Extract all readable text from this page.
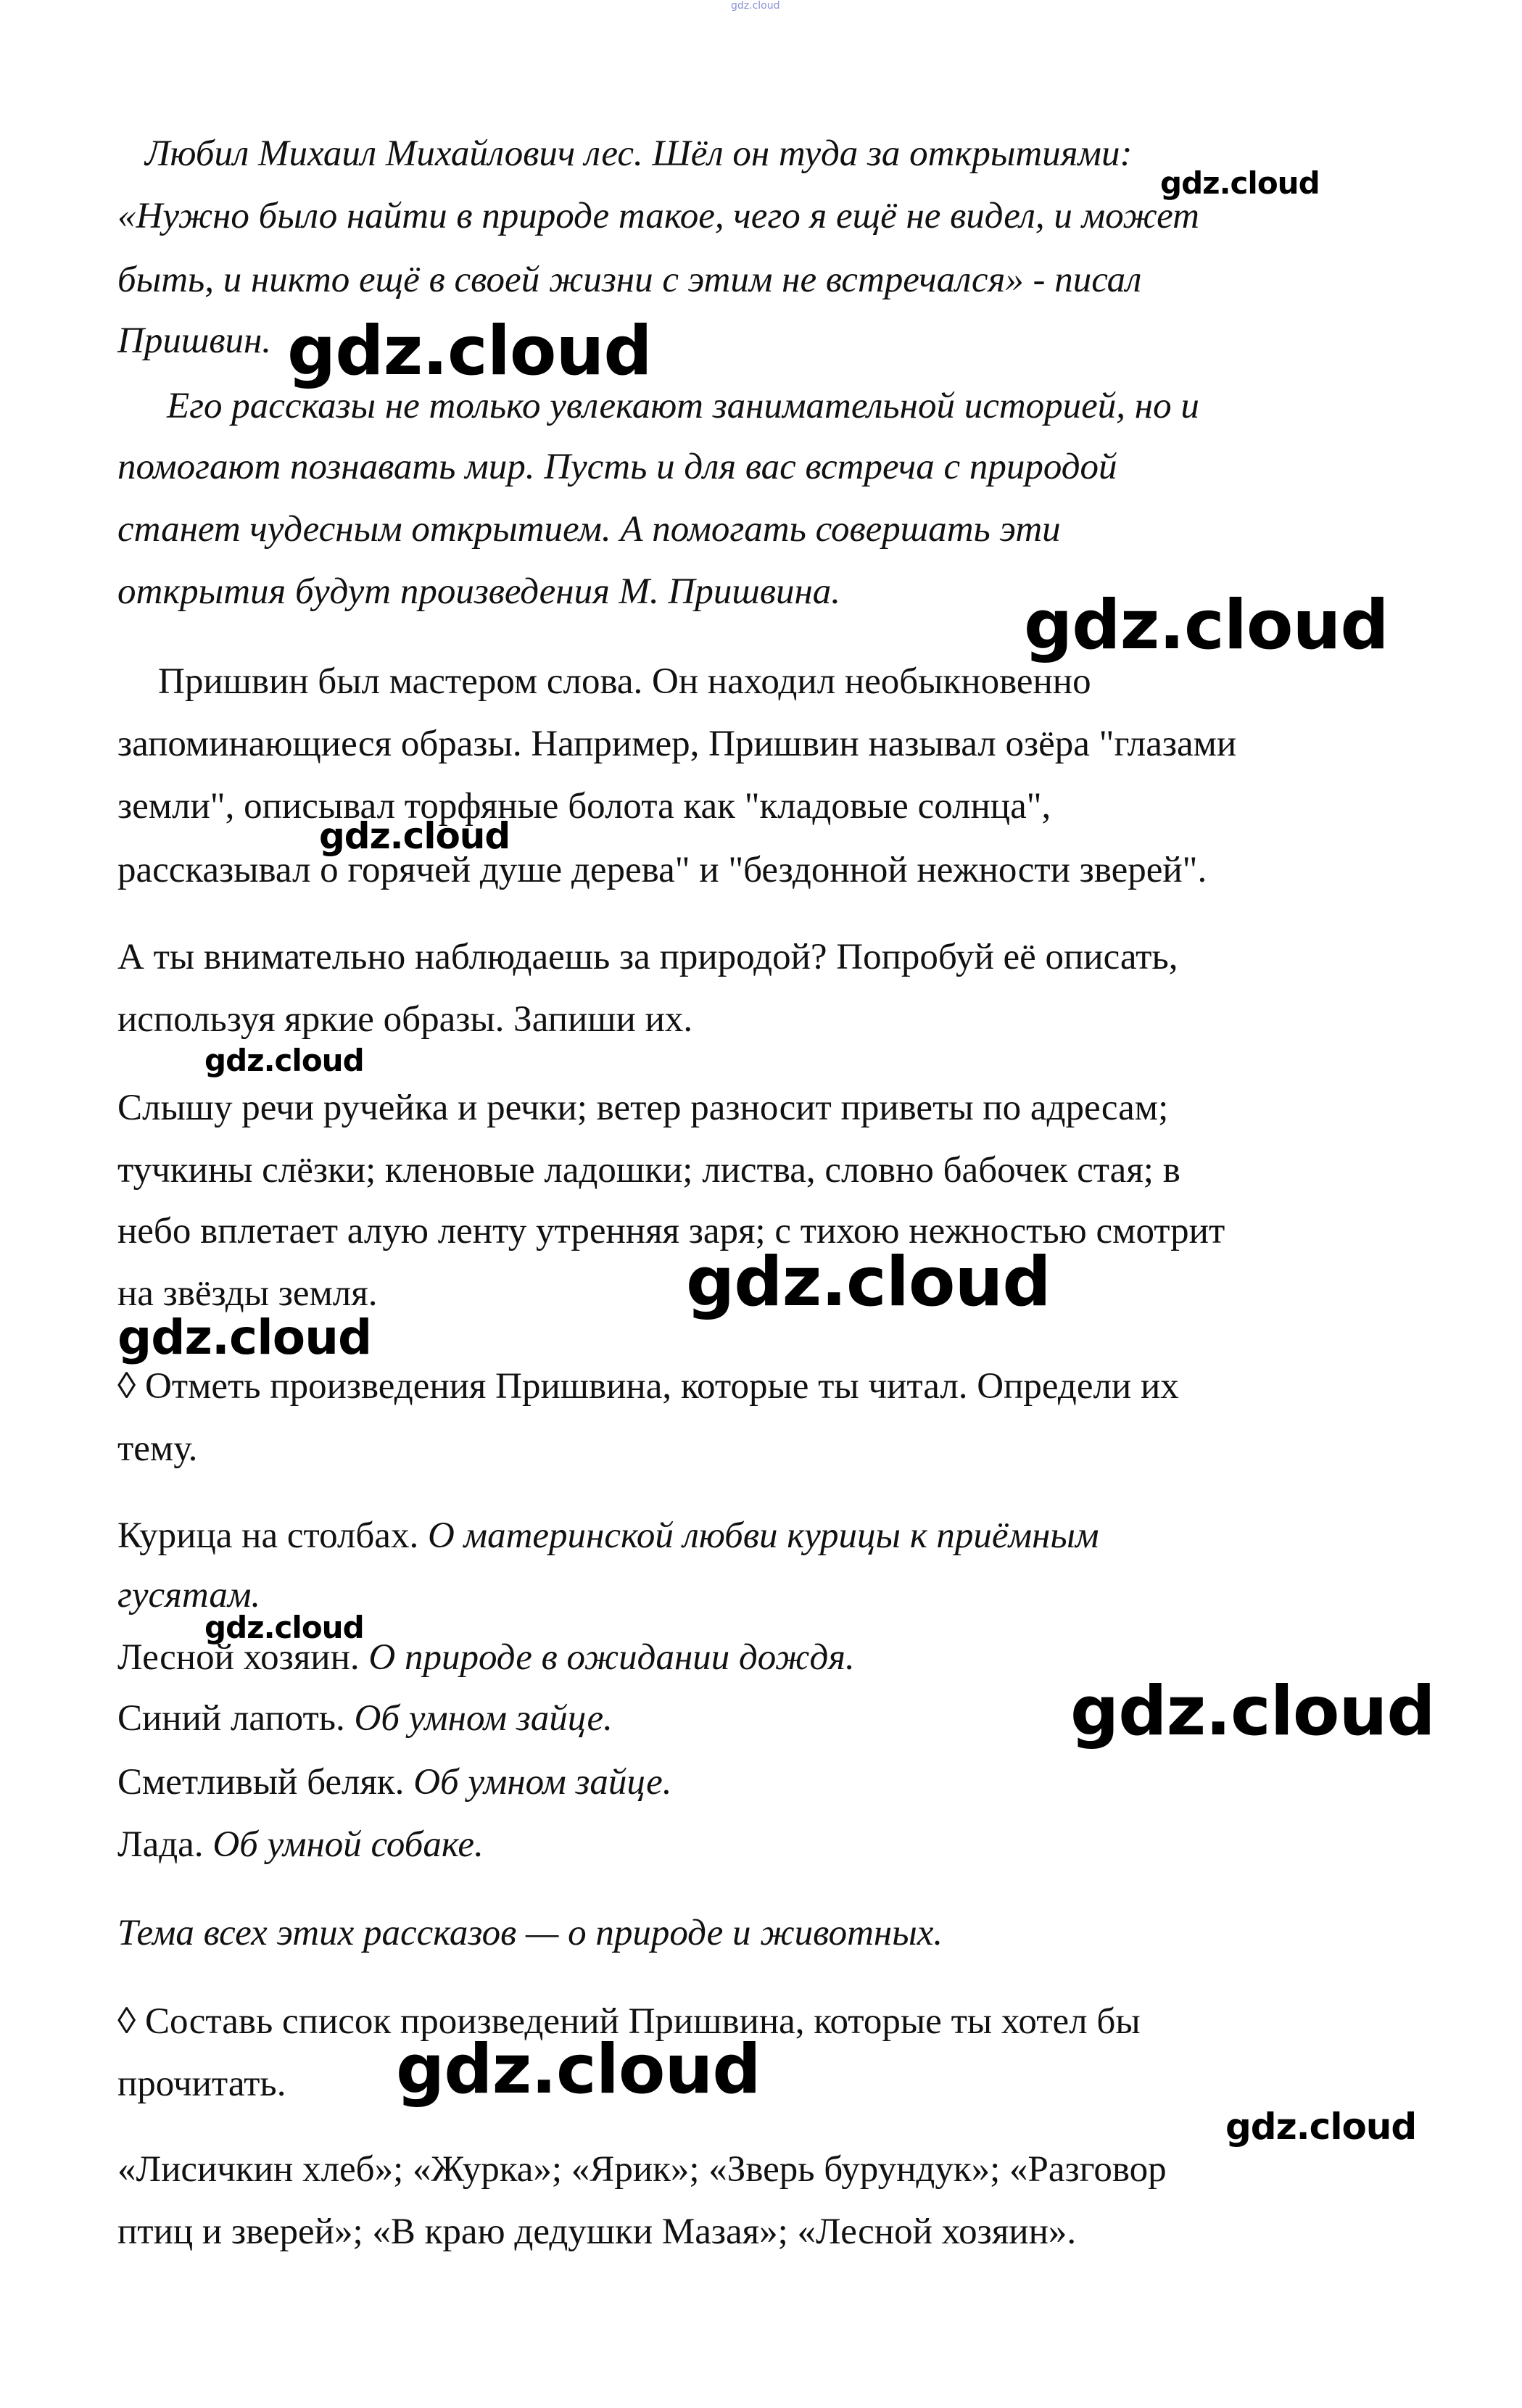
gdz.cloud
Любил Михаил Михайлович лес. Шёл он туда за открытиями:
«Нужно было найти в природе такое, чего я ещё не видел, и может
быть, и никто ещё в своей жизни с этим не встречался» - писал
Пришвин.
Его рассказы не только увлекают занимательной историей, но и
помогают познавать мир. Пусть и для вас встреча с природой
станет чудесным открытием. А помогать совершать эти
открытия будут произведения М. Пришвина.
Пришвин был мастером слова. Он находил необыкновенно
запоминающиеся образы. Например, Пришвин называл озёра "глазами
земли", описывал торфяные болота как "кладовые солнца",
рассказывал о горячей душе дерева" и "бездонной нежности зверей".
А ты внимательно наблюдаешь за природой? Попробуй её описать,
используя яркие образы. Запиши их.
Слышу речи ручейка и речки; ветер разносит приветы по адресам;
тучкины слёзки; кленовые ладошки; листва, словно бабочек стая; в
небо вплетает алую ленту утренняя заря; с тихою нежностью смотрит
на звёзды земля.
◊ Отметь произведения Пришвина, которые ты читал. Определи их
тему.
Курица на столбах. О материнской любви курицы к приёмным
гусятам.
Лесной хозяин. О природе в ожидании дождя.
Синий лапоть. Об умном зайце.
Сметливый беляк. Об умном зайце.
Лада. Об умной собаке.
Тема всех этих рассказов — о природе и животных.
◊ Составь список произведений Пришвина, которые ты хотел бы
прочитать.
«Лисичкин хлеб»; «Журка»; «Ярик»; «Зверь бурундук»; «Разговор
птиц и зверей»; «В краю дедушки Мазая»; «Лесной хозяин».
gdz.cloud
gdz.cloud
gdz.cloud
gdz.cloud
gdz.cloud
gdz.cloud
gdz.cloud
gdz.cloud
gdz.cloud
gdz.cloud
gdz.cloud
